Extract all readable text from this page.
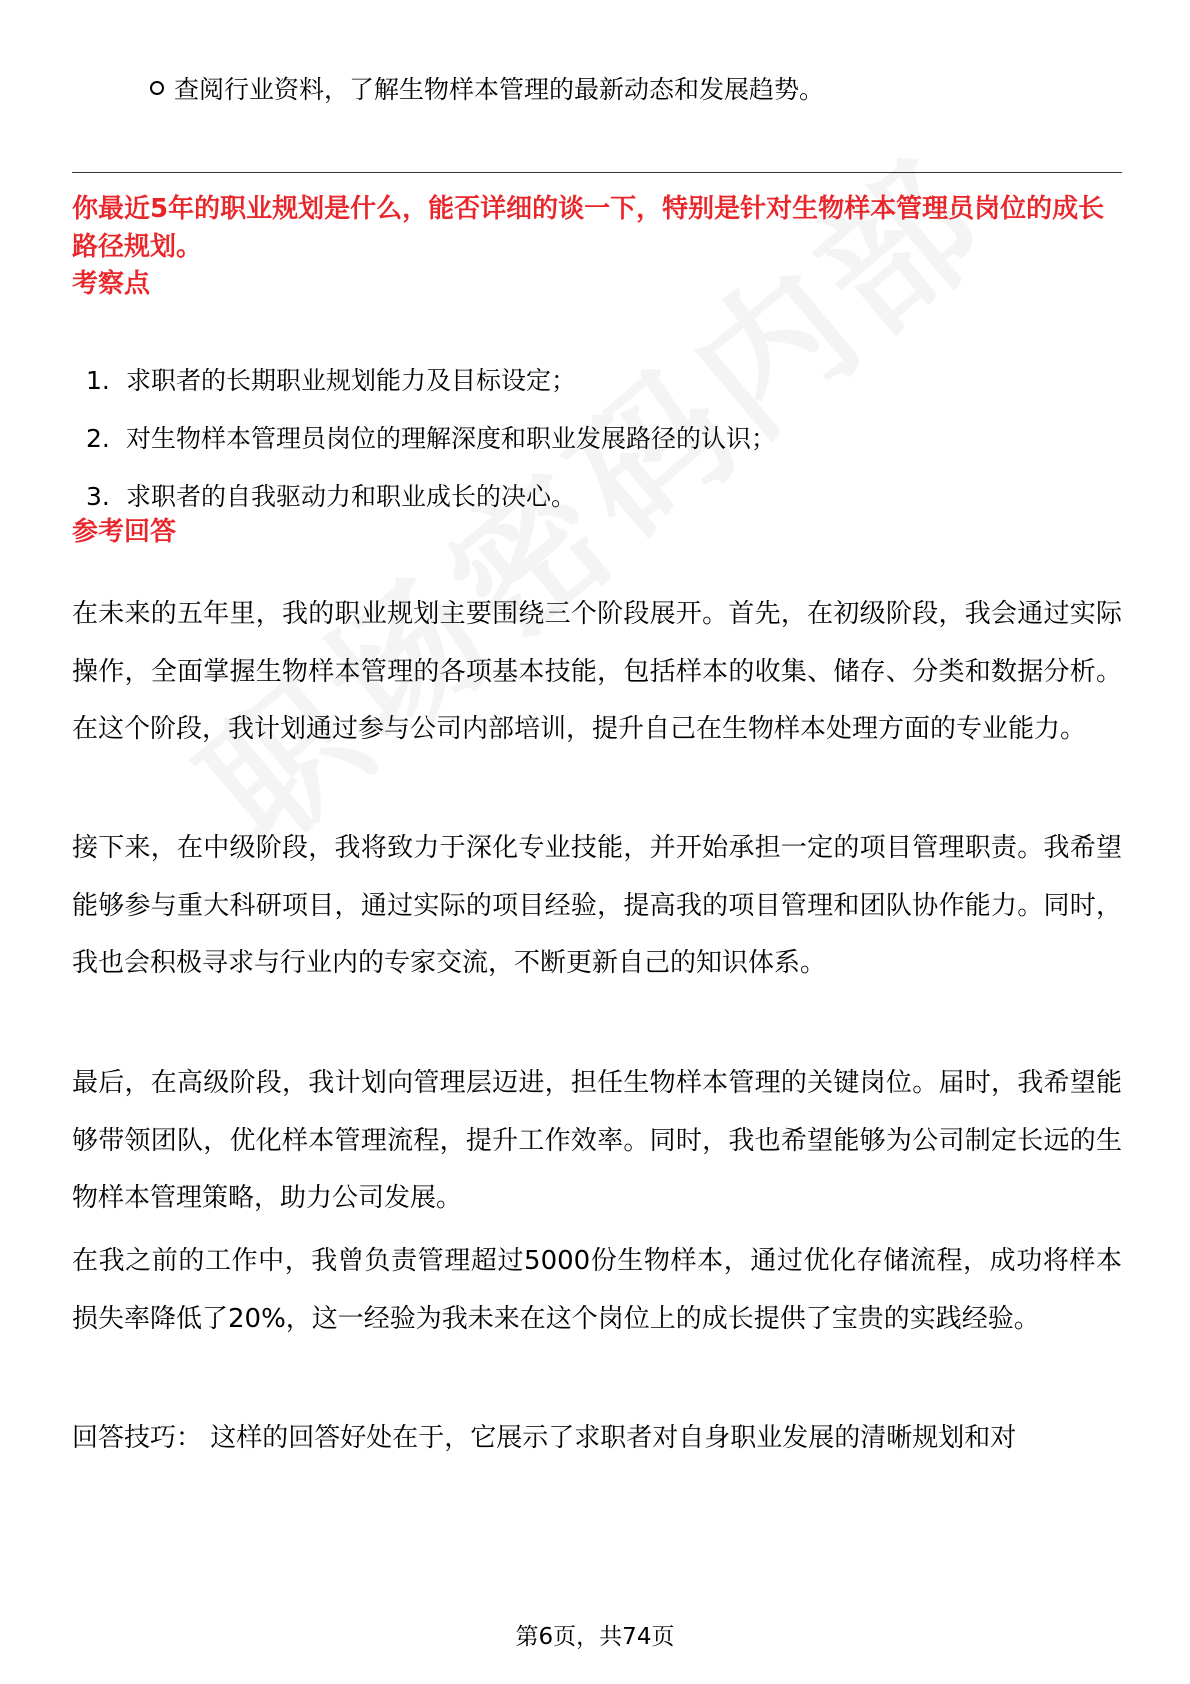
查阅行业资料，了解生物样本管理的最新动态和发展趋势。
你最近5年的职业规划是什么，能否详细的谈一下，特别是针对生物样本管理员岗位的成长路径规划。
考察点
1. 求职者的长期职业规划能力及目标设定；
2. 对生物样本管理员岗位的理解深度和职业发展路径的认识；
3. 求职者的自我驱动力和职业成长的决心。
参考回答

在未来的五年里，我的职业规划主要围绕三个阶段展开。首先，在初级阶段，我会通过实际操作，全面掌握生物样本管理的各项基本技能，包括样本的收集、储存、分类和数据分析。在这个阶段，我计划通过参与公司内部培训，提升自己在生物样本处理方面的专业能力。

接下来，在中级阶段，我将致力于深化专业技能，并开始承担一定的项目管理职责。我希望能够参与重大科研项目，通过实际的项目经验，提高我的项目管理和团队协作能力。同时，我也会积极寻求与行业内的专家交流，不断更新自己的知识体系。

最后，在高级阶段，我计划向管理层迈进，担任生物样本管理的关键岗位。届时，我希望能够带领团队，优化样本管理流程，提升工作效率。同时，我也希望能够为公司制定长远的生物样本管理策略，助力公司发展。

在我之前的工作中，我曾负责管理超过5000份生物样本，通过优化存储流程，成功将样本损失率降低了20%，这一经验为我未来在这个岗位上的成长提供了宝贵的实践经验。

回答技巧： 这样的回答好处在于，它展示了求职者对自身职业发展的清晰规划和对

第6页，共74页
